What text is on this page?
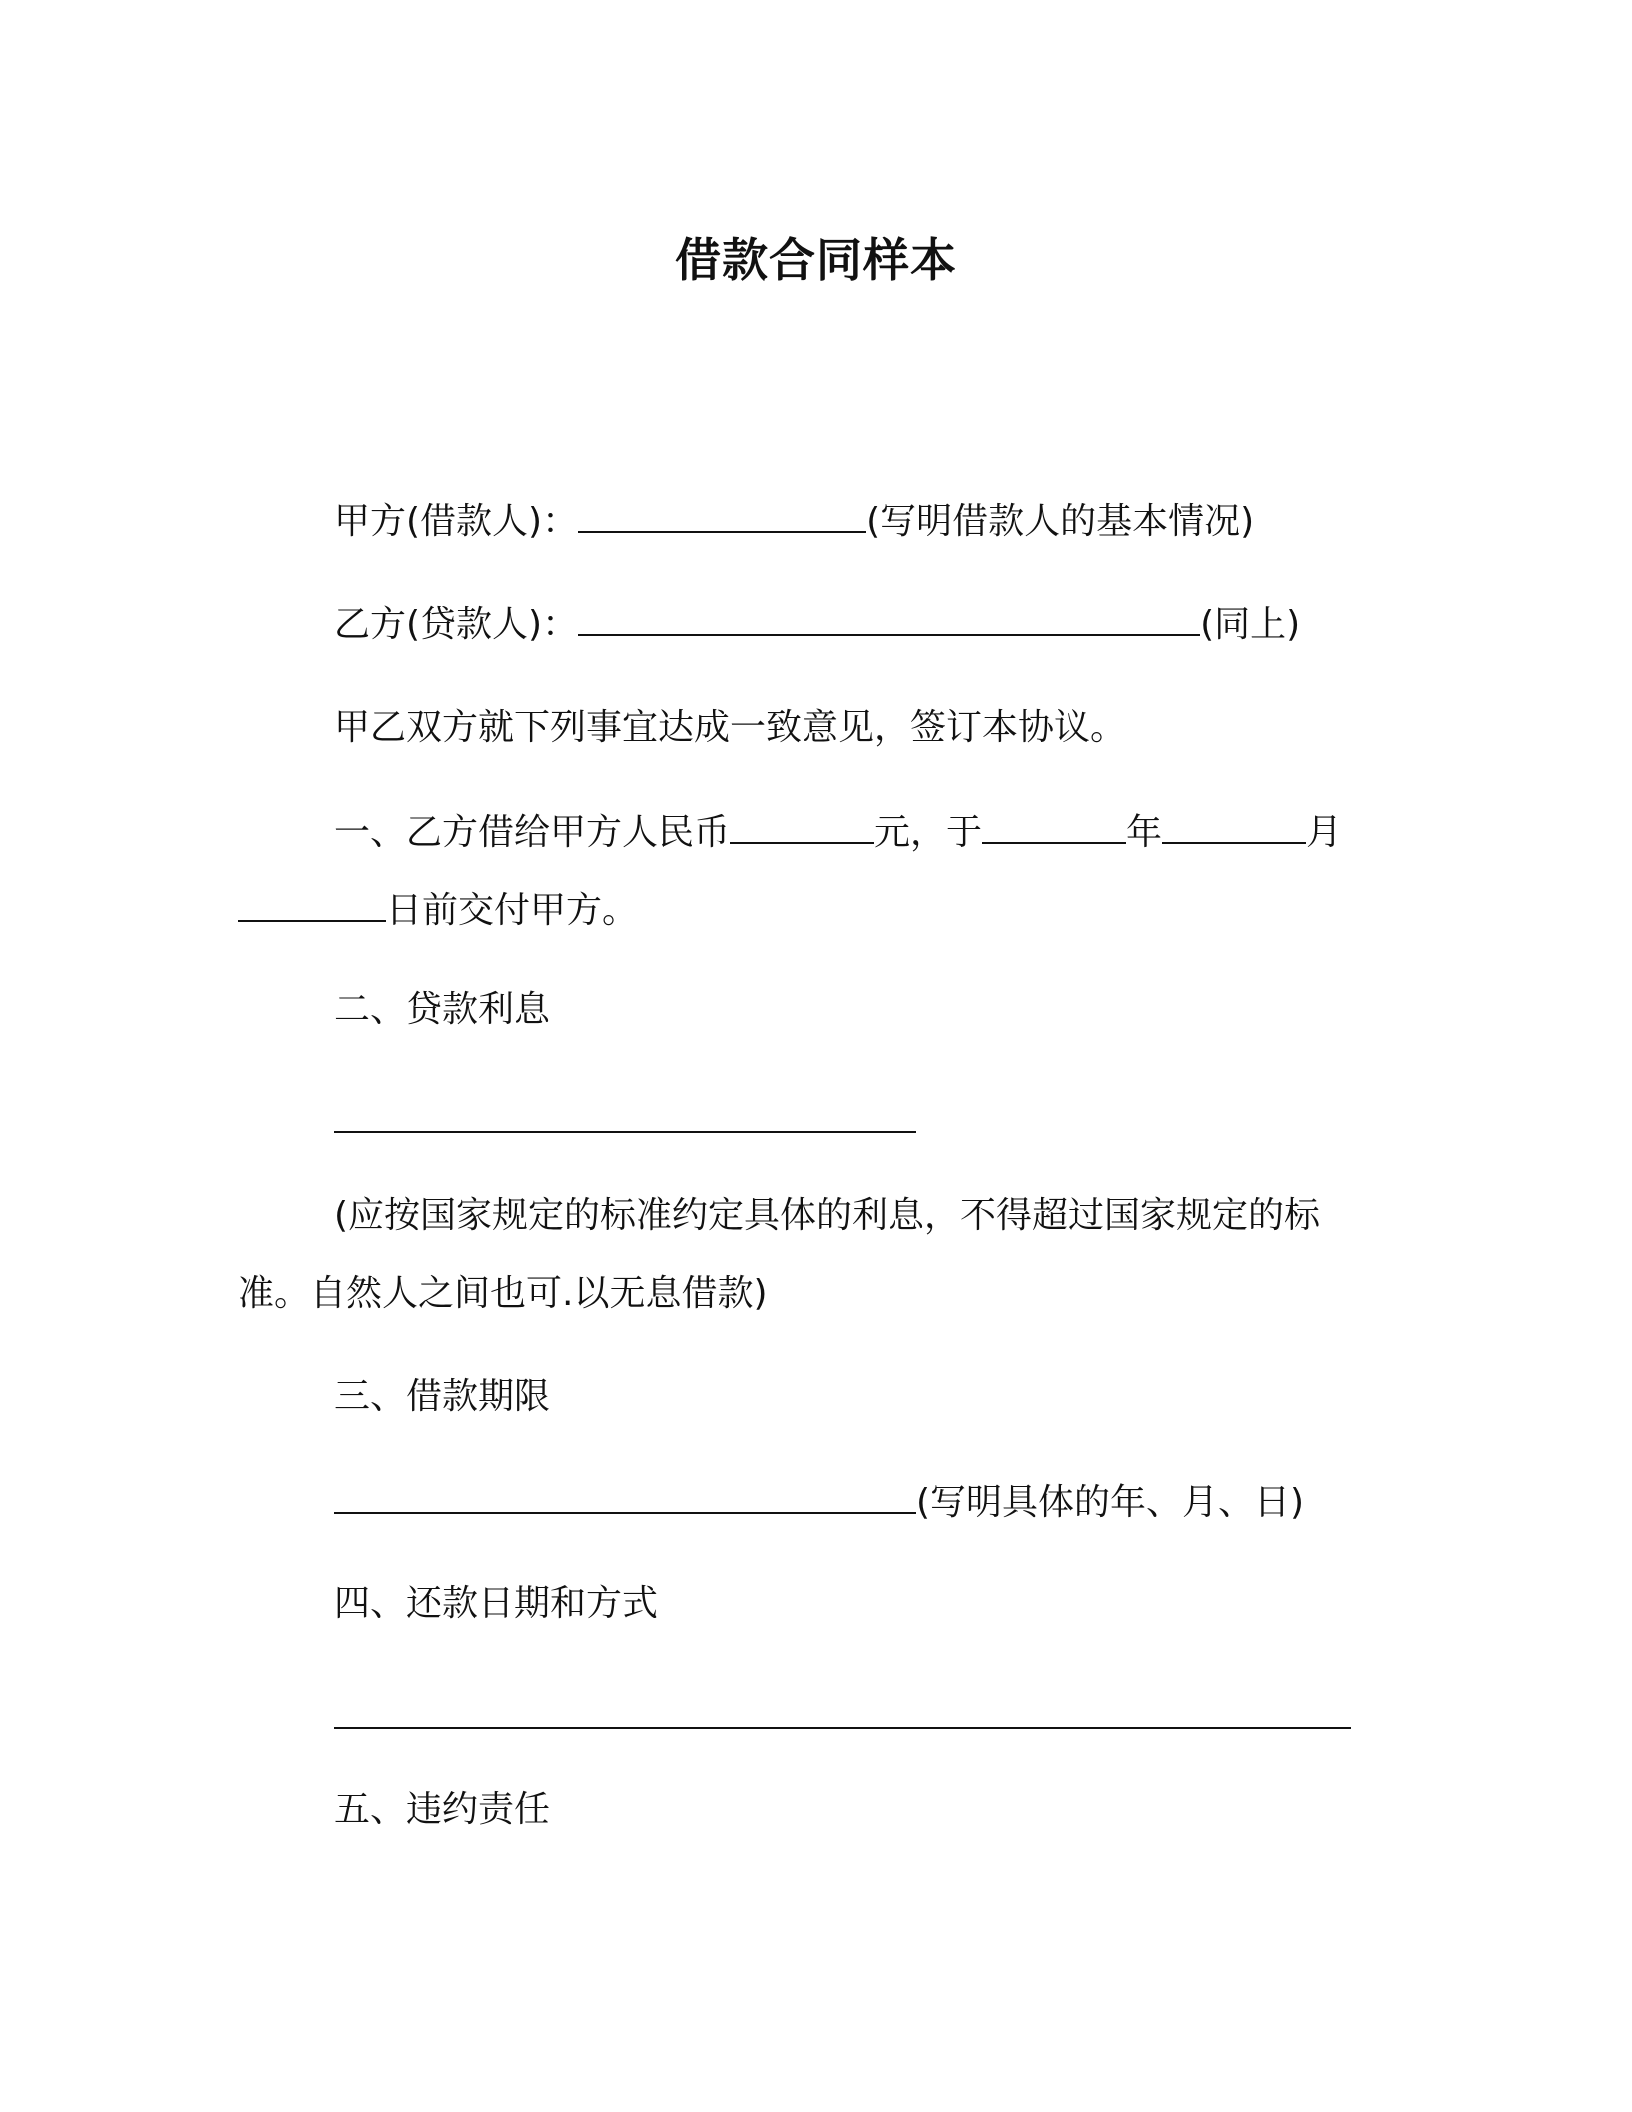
借款合同样本

甲方(借款人)：	(写明借款人的基本情况)

乙方(贷款人)：	(同上)

甲乙双方就下列事宜达成一致意见，签订本协议。

一、乙方借给甲方人民币	元，于	年	月

日前交付甲方。

二、贷款利息

(应按国家规定的标准约定具体的利息，不得超过国家规定的标

准。自然人之间也可.以无息借款)

三、借款期限

(写明具体的年、月、日)

四、还款日期和方式

五、违约责任
